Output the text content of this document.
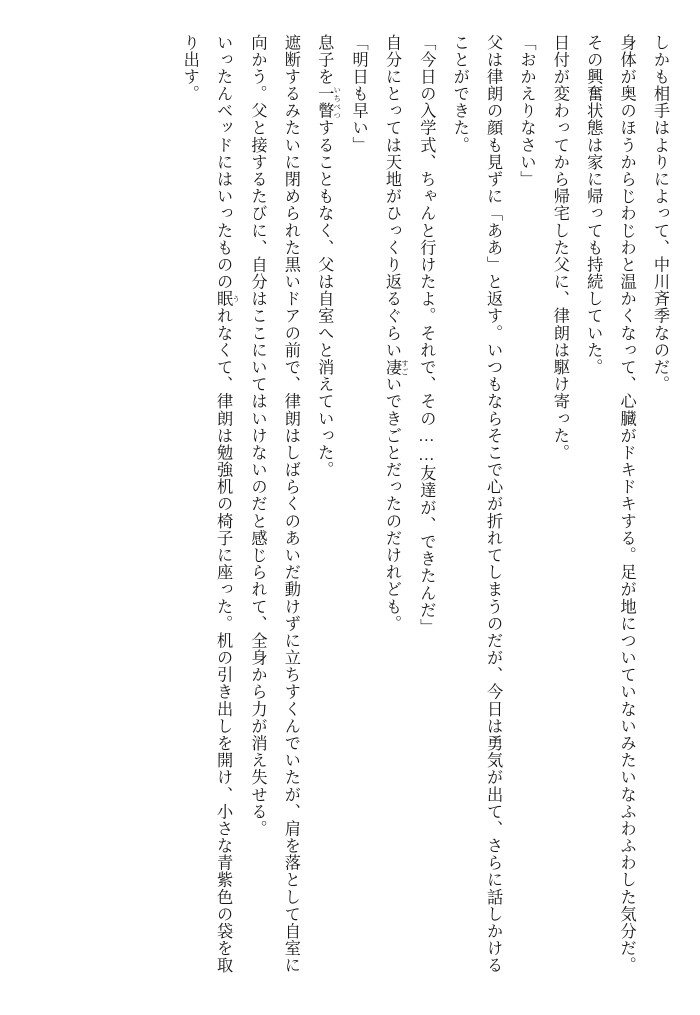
しかも相手はよりによって、中川斉季なのだ。

身体が奥のほうからじわじわと温かくなって、心臓がドキドキする。足が地についていないみたいなふわふわした気分だ。

その興奮状態は家に帰っても持続していた。

日付が変わってから帰宅した父に、律朗は駆け寄った。

「おかえりなさい」

父は律朗の顔も見ずに「ああ」と返す。いつもならそこで心が折れてしまうのだが、今日は勇気が出て、さらに話しかけることができた。

「今日の入学式、ちゃんと行けたよ。それで、その……友達が、できたんだ」

自分にとっては天地がひっくり返るぐらい凄 すごいできごとだったのだけれども。

「明日も早い」

息子を一瞥 いちべつすることもなく、父は自室へと消えていった。

遮断するみたいに閉められた黒いドアの前で、律朗はしばらくのあいだ動けずに立ちすくんでいたが、肩を落として自室に向かう。父と接するたびに、自分はここにいてはいけないのだと感じられて、全身から力が消え失せる。

いったんベッドにはいったものの眠 うれなくて、律朗は勉強机の椅子に座った。机の引き出しを開け、小さな青紫色の袋を取り出す。
